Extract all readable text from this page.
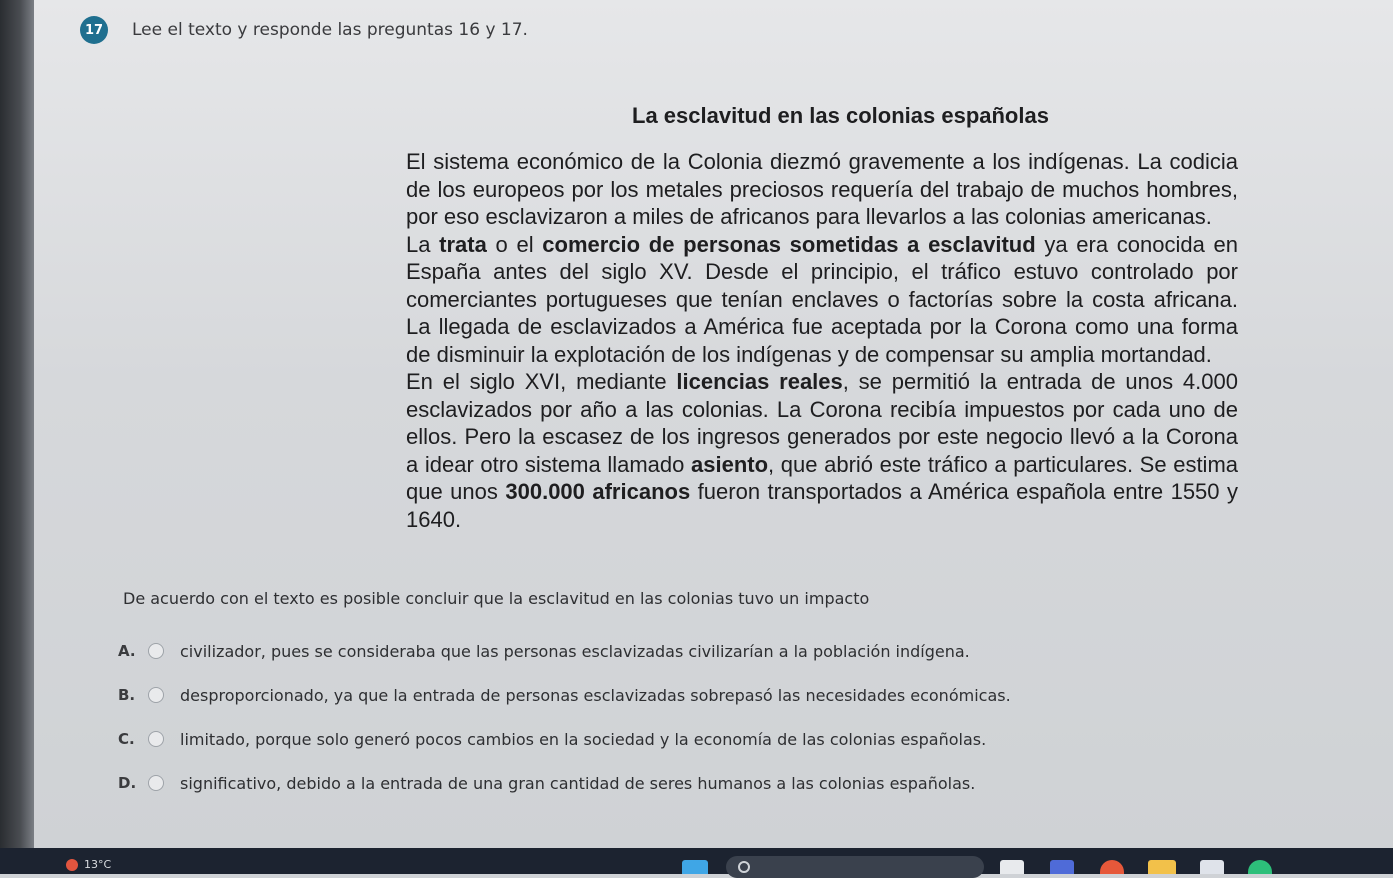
17 Lee el texto y responde las preguntas 16 y 17.
La esclavitud en las colonias españolas

El sistema económico de la Colonia diezmó gravemente a los indígenas. La codicia de los europeos por los metales preciosos requería del trabajo de muchos hombres, por eso esclavizaron a miles de africanos para llevarlos a las colonias americanas.

La trata o el comercio de personas sometidas a esclavitud ya era conocida en España antes del siglo XV. Desde el principio, el tráfico estuvo controlado por comerciantes portugueses que tenían enclaves o factorías sobre la costa africana. La llegada de esclavizados a América fue aceptada por la Corona como una forma de disminuir la explotación de los indígenas y de compensar su amplia mortandad.

En el siglo XVI, mediante licencias reales, se permitió la entrada de unos 4.000 esclavizados por año a las colonias. La Corona recibía impuestos por cada uno de ellos. Pero la escasez de los ingresos generados por este negocio llevó a la Corona a idear otro sistema llamado asiento, que abrió este tráfico a particulares. Se estima que unos 300.000 africanos fueron transportados a América española entre 1550 y 1640.

De acuerdo con el texto es posible concluir que la esclavitud en las colonias tuvo un impacto
A.	civilizador, pues se consideraba que las personas esclavizadas civilizarían a la población indígena.
B.	desproporcionado, ya que la entrada de personas esclavizadas sobrepasó las necesidades económicas.
C.	limitado, porque solo generó pocos cambios en la sociedad y la economía de las colonias españolas.
D.	significativo, debido a la entrada de una gran cantidad de seres humanos a las colonias españolas.
13°C
